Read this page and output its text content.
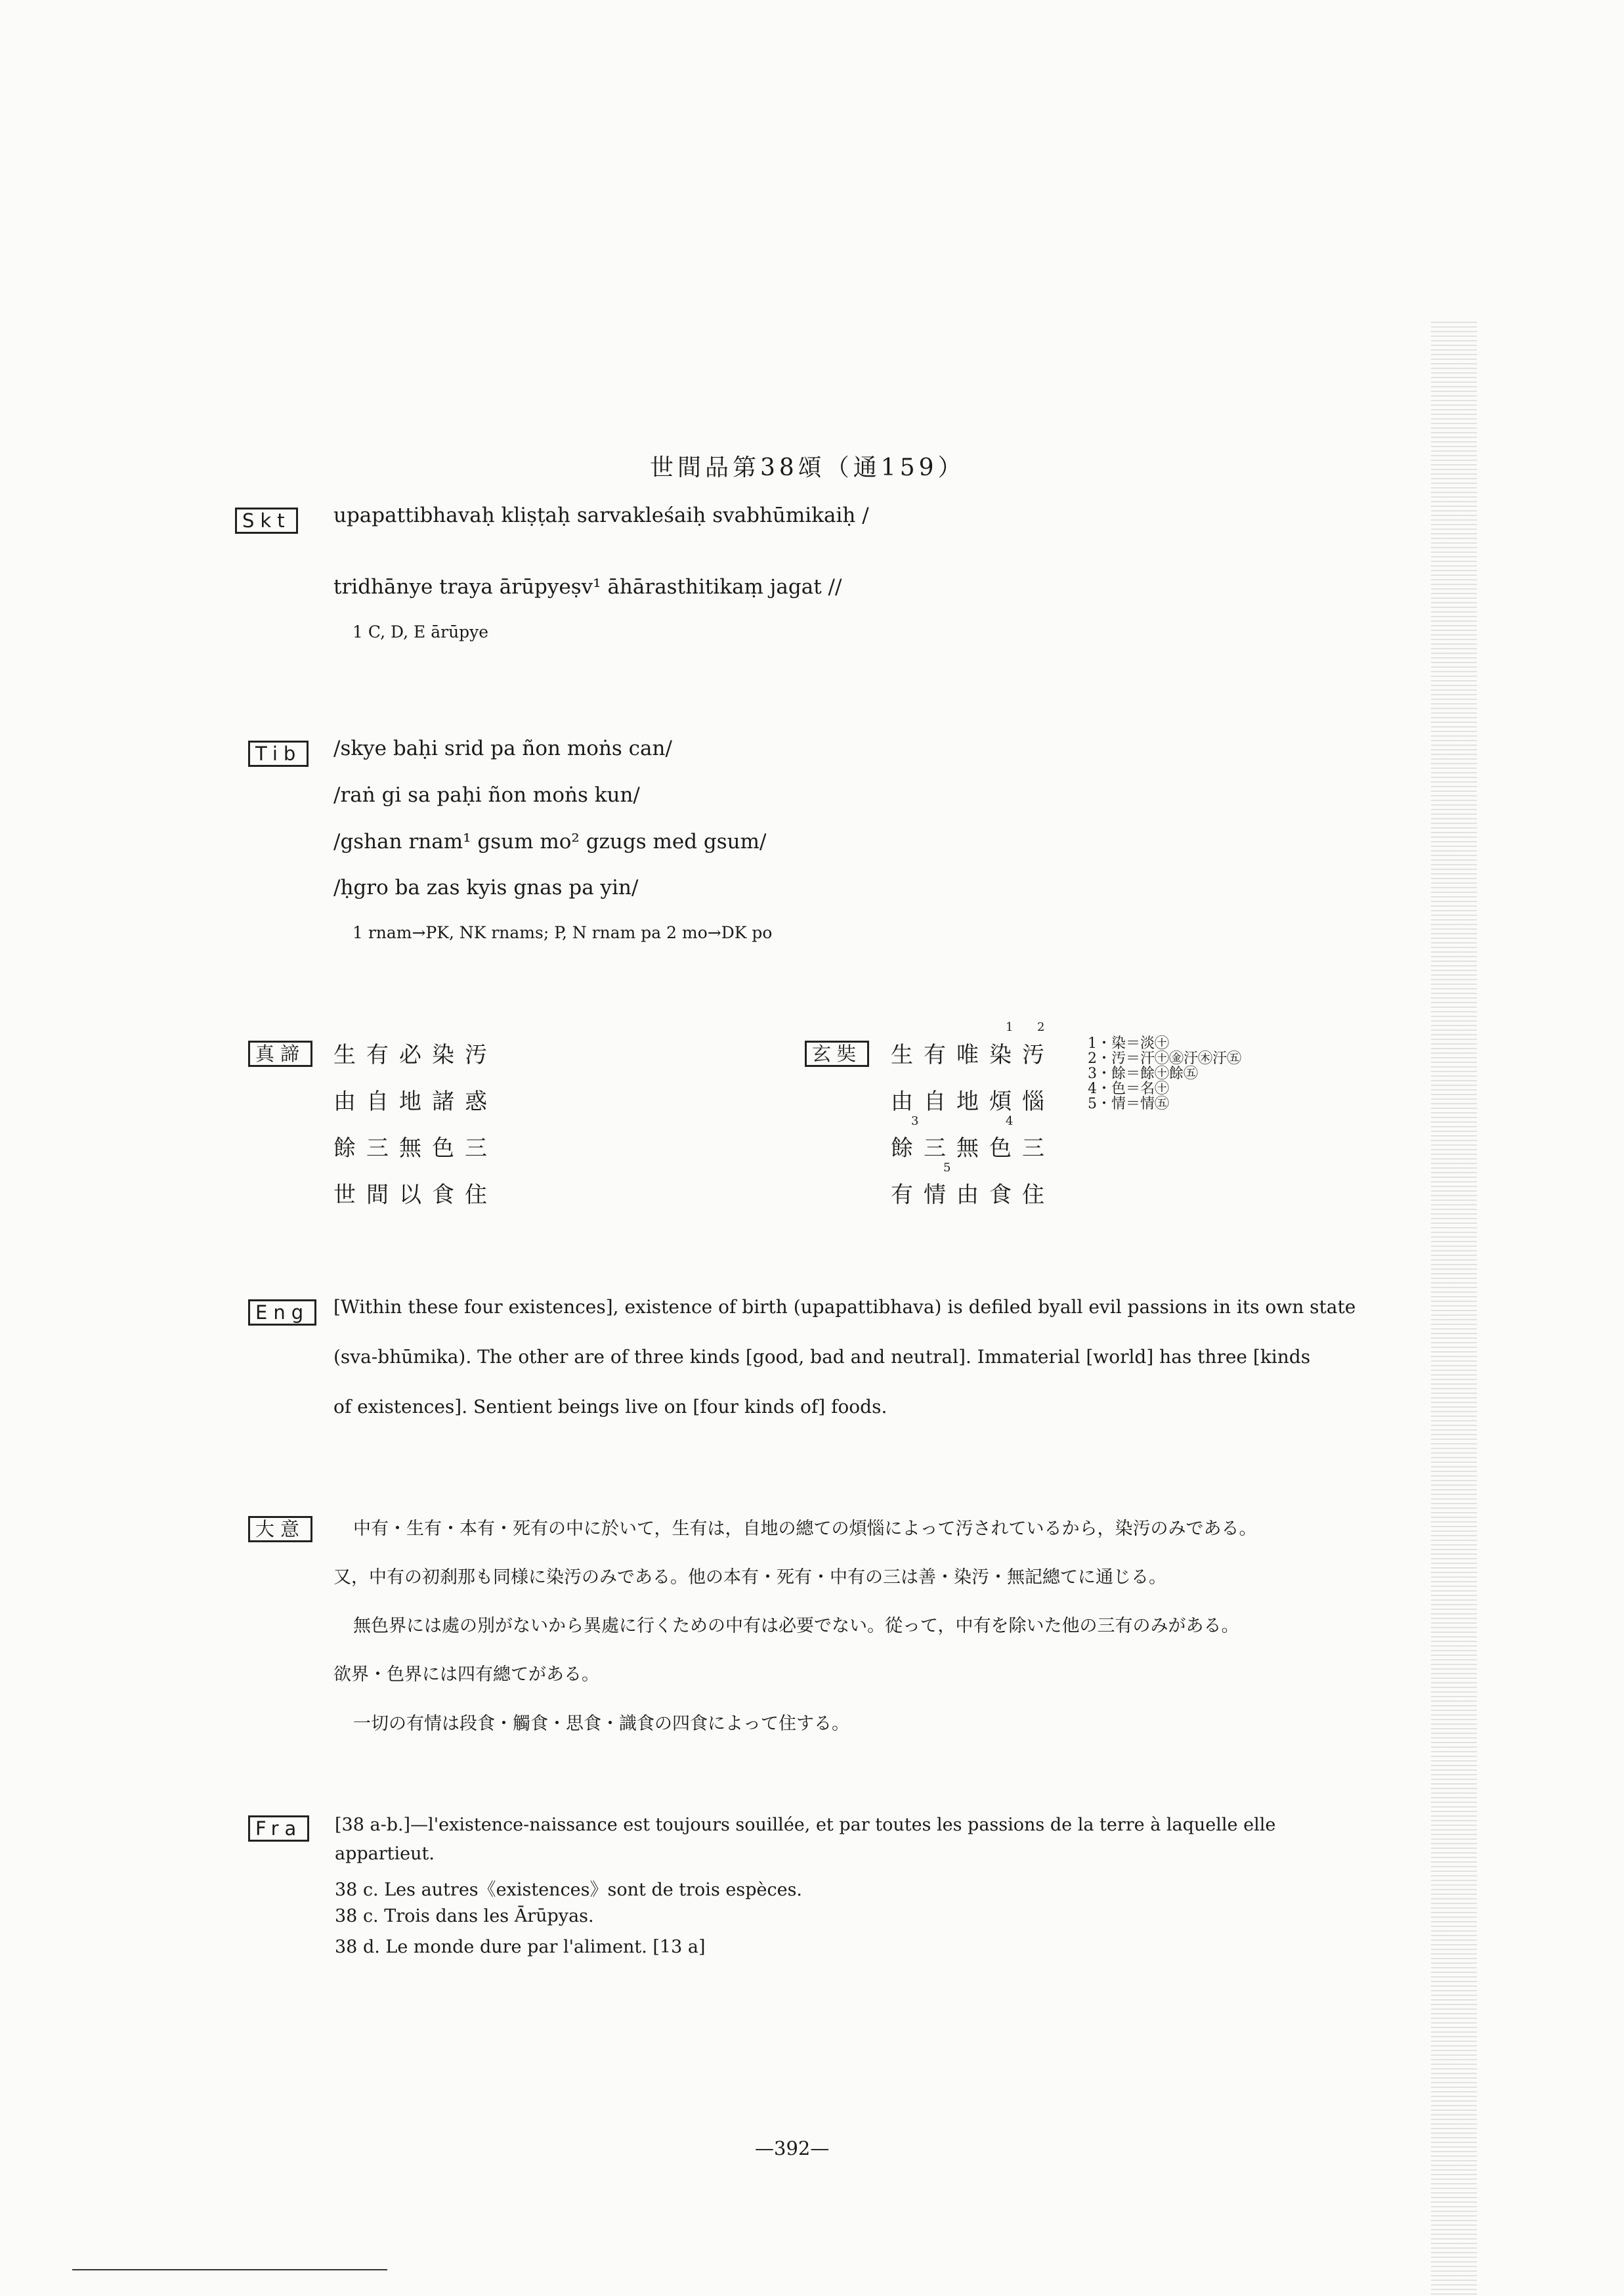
世間品第38頌（通159）
Skt	upapattibhavaḥ kliṣṭaḥ sarvakleśaiḥ svabhūmikaiḥ /
tridhānye traya ārūpyeṣv¹ āhārasthitikaṃ jagat //
1 C, D, E ārūpye
Tib	/skye baḥi srid pa ñon moṅs can/
/raṅ gi sa paḥi ñon moṅs kun/
/gshan rnam¹ gsum mo² gzugs med gsum/
/ḥgro ba zas kyis gnas pa yin/
1 rnam→PK, NK rnams; P, N rnam pa 2 mo→DK po
真諦	生有必染汚
由自地諸惑
餘三無色三
世間以食住
玄奘
1 2
生有唯染汚
由自地煩惱
3	4
餘三無色三
5
有情由食住
1・染＝淡㊉
2・汚＝汗㊉㊎汙㊍汙㊄
3・餘＝餘㊉餘㊄
4・色＝名㊉
5・情＝情㊄
Eng	[Within these four existences], existence of birth (upapattibhava) is defiled byall evil passions in its own state
(sva-bhūmika). The other are of three kinds [good, bad and neutral]. Immaterial [world] has three [kinds
of existences]. Sentient beings live on [four kinds of] foods.
大意	中有・生有・本有・死有の中に於いて，生有は，自地の總ての煩惱によって汚されているから，染汚のみである。
又，中有の初刹那も同様に染汚のみである。他の本有・死有・中有の三は善・染汚・無記總てに通じる。
無色界には處の別がないから異處に行くための中有は必要でない。從って，中有を除いた他の三有のみがある。
欲界・色界には四有總てがある。
一切の有情は段食・觸食・思食・識食の四食によって住する。
Fra	[38 a-b.]—l'existence-naissance est toujours souillée, et par toutes les passions de la terre à laquelle elle
appartieut.
38 c. Les autres《existences》sont de trois espèces.
38 c. Trois dans les Ārūpyas.
38 d. Le monde dure par l'aliment. [13 a]
—392—
